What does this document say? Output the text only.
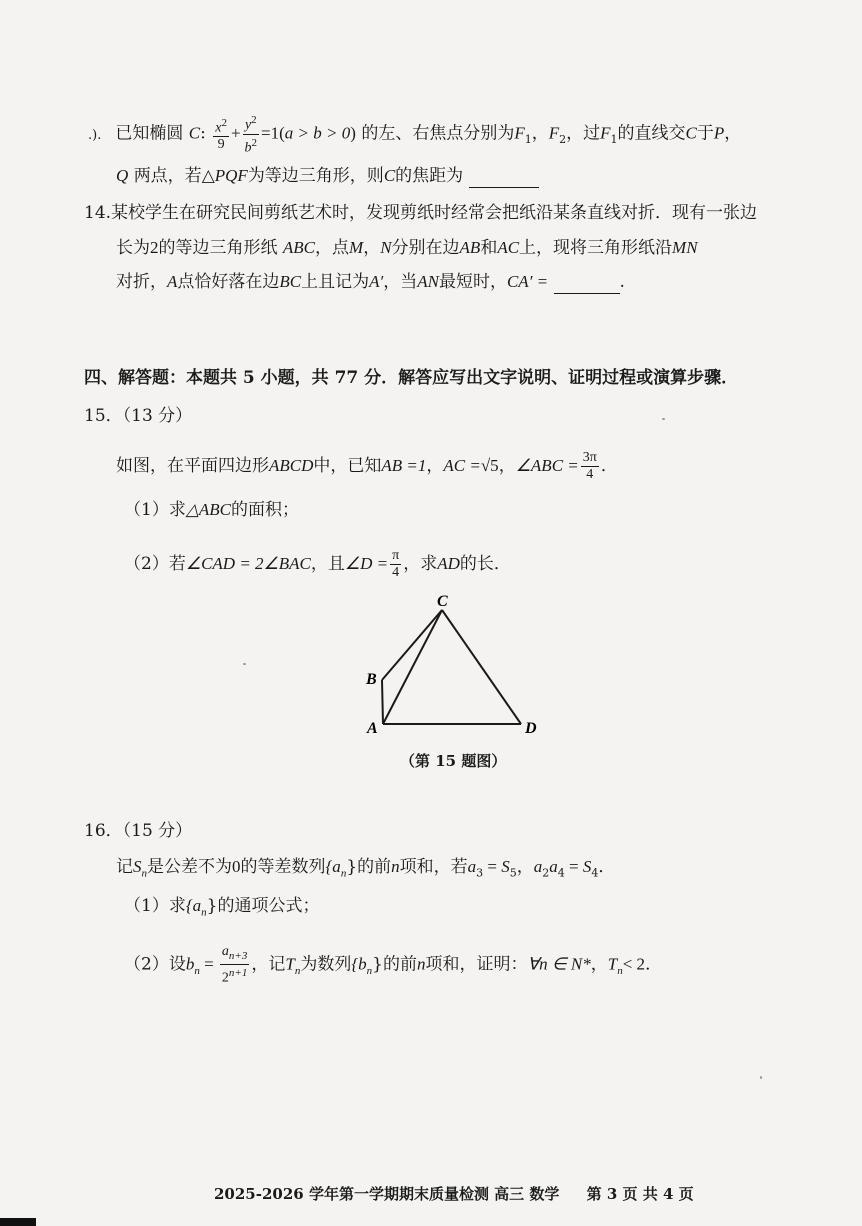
.). 已知椭圆 C: $\frac{x^2}{9} + \frac{y^2}{b^2} =1(a > b > 0)$ 的左、右焦点分别为$F_1$，$F_2$，过$F_1$的直线交C于P，
Q 两点，若△PQF为等边三角形，则C的焦距为
14.某校学生在研究民间剪纸艺术时，发现剪纸时经常会把纸沿某条直线对折．现有一张边
长为2的等边三角形纸 ABC，点M，N分别在边AB和AC上，现将三角形纸沿MN
对折，A点恰好落在边BC上且记为A′，当AN最短时，CA′ =	.
四、解答题：本题共 5 小题，共 77 分．解答应写出文字说明、证明过程或演算步骤．
15．（13 分）
如图，在平面四边形ABCD中，已知AB =1，AC =√5，∠ABC = $\frac{3\pi}{4}$ ．
（1）求△ABC的面积；
（2）若∠CAD = 2∠BAC，且∠D = $\frac{\pi}{4}$ ，求AD的长．
C
B
A	D
（第 15 题图）
16．（15 分）
记$S_n$是公差不为0的等差数列$\{a_n\}$的前n项和，若$a_3 = S_5$，$a_2a_4 = S_4$．
（1）求$\{a_n\}$的通项公式；
（2）设$b_n = \frac{a_{n+3}}{2^{n+1}}$ ，记$T_n$为数列$\{b_n\}$的前n项和，证明：∀n ∈ N*，$T_n< 2$．
2025-2026 学年第一学期期末质量检测 高三 数学 第 3 页 共 4 页
